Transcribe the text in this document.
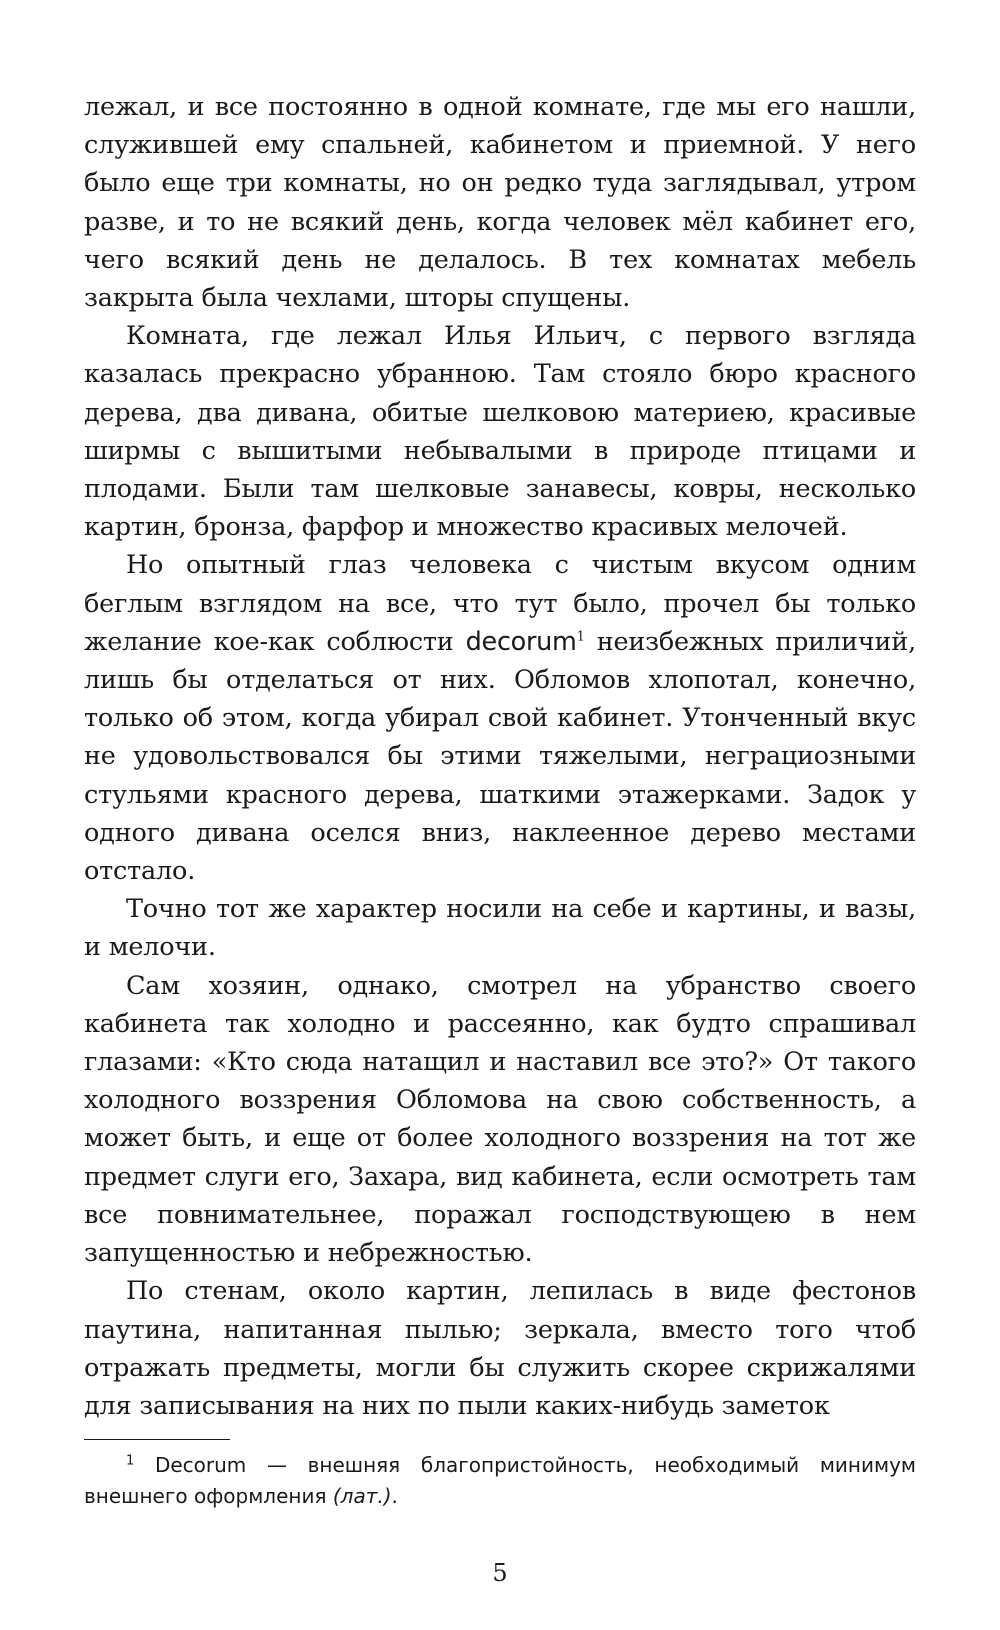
лежал, и все постоянно в одной комнате, где мы его нашли, служившей ему спальней, кабинетом и приемной. У него было еще три комнаты, но он редко туда заглядывал, утром разве, и то не всякий день, когда человек мёл кабинет его, чего всякий день не делалось. В тех комнатах мебель закрыта была чехлами, шторы спущены.

Комната, где лежал Илья Ильич, с первого взгляда казалась прекрасно убранною. Там стояло бюро красного дерева, два дивана, обитые шелковою материею, красивые ширмы с вышитыми небывалыми в природе птицами и плодами. Были там шелковые занавесы, ковры, несколько картин, бронза, фарфор и множество красивых мелочей.

Но опытный глаз человека с чистым вкусом одним беглым взглядом на все, что тут было, прочел бы только желание кое-как соблюсти decorum$^1$ неизбежных приличий, лишь бы отделаться от них. Обломов хлопотал, конечно, только об этом, когда убирал свой кабинет. Утонченный вкус не удовольствовался бы этими тяжелыми, неграциозными стульями красного дерева, шаткими этажерками. Задок у одного дивана оселся вниз, наклеенное дерево местами отстало.

Точно тот же характер носили на себе и картины, и вазы, и мелочи.

Сам хозяин, однако, смотрел на убранство своего кабинета так холодно и рассеянно, как будто спрашивал глазами: «Кто сюда натащил и наставил все это?» От такого холодного воззрения Обломова на свою собственность, а может быть, и еще от более холодного воззрения на тот же предмет слуги его, Захара, вид кабинета, если осмотреть там все повнимательнее, поражал господствующею в нем запущенностью и небрежностью.

По стенам, около картин, лепилась в виде фестонов паутина, напитанная пылью; зеркала, вместо того чтоб отражать предметы, могли бы служить скорее скрижалями для записывания на них по пыли каких-нибудь заметок

$^1$ Decorum — внешняя благопристойность, необходимый минимум внешнего оформления (лат.).

5
